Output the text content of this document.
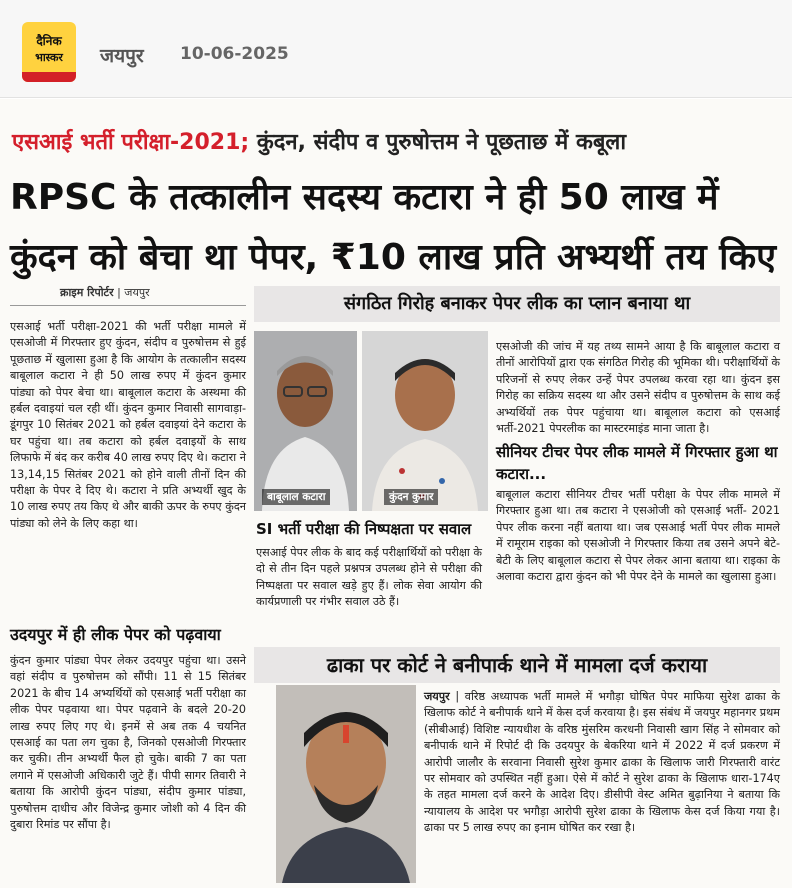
दैनिक
भास्कर	जयपुर 10-06-2025
एसआई भर्ती परीक्षा-2021; कुंदन, संदीप व पुरुषोत्तम ने पूछताछ में कबूला
RPSC के तत्कालीन सदस्य कटारा ने ही 50 लाख में
कुंदन को बेचा था पेपर, ₹10 लाख प्रति अभ्यर्थी तय किए
क्राइम रिपोर्टर | जयपुर
एसआई भर्ती परीक्षा-2021 की भर्ती परीक्षा मामले में एसओजी में गिरफ्तार हुए कुंदन, संदीप व पुरुषोत्तम से हुई पूछताछ में खुलासा हुआ है कि आयोग के तत्कालीन सदस्य बाबूलाल कटारा ने ही 50 लाख रुपए में कुंदन कुमार पांड्या को पेपर बेचा था। बाबूलाल कटारा के अस्थमा की हर्बल दवाइयां चल रही थीं। कुंदन कुमार निवासी सागवाड़ा-डूंगपुर 10 सितंबर 2021 को हर्बल दवाइयां देने कटारा के घर पहुंचा था। तब कटारा को हर्बल दवाइयों के साथ लिफाफे में बंद कर करीब 40 लाख रुपए दिए थे। कटारा ने 13,14,15 सितंबर 2021 को होने वाली तीनों दिन की परीक्षा के पेपर दे दिए थे। कटारा ने प्रति अभ्यर्थी खुद के 10 लाख रुपए तय किए थे और बाकी ऊपर के रुपए कुंदन पांड्या को लेने के लिए कहा था।
उदयपुर में ही लीक पेपर को पढ़वाया
कुंदन कुमार पांड्या पेपर लेकर उदयपुर पहुंचा था। उसने वहां संदीप व पुरुषोत्तम को सौंपी। 11 से 15 सितंबर 2021 के बीच 14 अभ्यर्थियों को एसआई भर्ती परीक्षा का लीक पेपर पढ़वाया था। पेपर पढ़वाने के बदले 20-20 लाख रुपए लिए गए थे। इनमें से अब तक 4 चयनित एसआई का पता लग चुका है, जिनको एसओजी गिरफ्तार कर चुकी। तीन अभ्यर्थी फैल हो चुके। बाकी 7 का पता लगाने में एसओजी अधिकारी जुटे हैं। पीपी सागर तिवारी ने बताया कि आरोपी कुंदन पांड्या, संदीप कुमार पांड्या, पुरुषोत्तम दाधीच और विजेन्द्र कुमार जोशी को 4 दिन की दुबारा रिमांड पर सौंपा है।
संगठित गिरोह बनाकर पेपर लीक का प्लान बनाया था
बाबूलाल कटारा	कुंदन कुमार
SI भर्ती परीक्षा की निष्पक्षता पर सवाल
एसआई पेपर लीक के बाद कई परीक्षार्थियों को परीक्षा के दो से तीन दिन पहले प्रश्नपत्र उपलब्ध होने से परीक्षा की निष्पक्षता पर सवाल खड़े हुए हैं। लोक सेवा आयोग की कार्यप्रणाली पर गंभीर सवाल उठे हैं।
एसओजी की जांच में यह तथ्य सामने आया है कि बाबूलाल कटारा व तीनों आरोपियों द्वारा एक संगठित गिरोह की भूमिका थी। परीक्षार्थियों के परिजनों से रुपए लेकर उन्हें पेपर उपलब्ध करवा रहा था। कुंदन इस गिरोह का सक्रिय सदस्य था और उसने संदीप व पुरुषोत्तम के साथ कई अभ्यर्थियों तक पेपर पहुंचाया था। बाबूलाल कटारा को एसआई भर्ती-2021 पेपरलीक का मास्टरमाइंड माना जाता है।
सीनियर टीचर पेपर लीक मामले में गिरफ्तार हुआ था कटारा...
बाबूलाल कटारा सीनियर टीचर भर्ती परीक्षा के पेपर लीक मामले में गिरफ्तार हुआ था। तब कटारा ने एसओजी को एसआई भर्ती- 2021 पेपर लीक करना नहीं बताया था। जब एसआई भर्ती पेपर लीक मामले में रामूराम राइका को एसओजी ने गिरफ्तार किया तब उसने अपने बेटे-बेटी के लिए बाबूलाल कटारा से पेपर लेकर आना बताया था। राइका के अलावा कटारा द्वारा कुंदन को भी पेपर देने के मामले का खुलासा हुआ।
ढाका पर कोर्ट ने बनीपार्क थाने में मामला दर्ज कराया
जयपुर | वरिष्ठ अध्यापक भर्ती मामले में भगौड़ा घोषित पेपर माफिया सुरेश ढाका के खिलाफ कोर्ट ने बनीपार्क थाने में केस दर्ज करवाया है। इस संबंध में जयपुर महानगर प्रथम (सीबीआई) विशिष्ट न्यायधीश के वरिष्ठ मुंसरिम करधनी निवासी खाग सिंह ने सोमवार को बनीपार्क थाने में रिपोर्ट दी कि उदयपुर के बेकरिया थाने में 2022 में दर्ज प्रकरण में आरोपी जालौर के सरवाना निवासी सुरेश कुमार ढाका के खिलाफ जारी गिरफ्तारी वारंट पर सोमवार को उपस्थित नहीं हुआ। ऐसे में कोर्ट ने सुरेश ढाका के खिलाफ धारा-174ए के तहत मामला दर्ज करने के आदेश दिए। डीसीपी वेस्ट अमित बुढ़ानिया ने बताया कि न्यायालय के आदेश पर भगौड़ा आरोपी सुरेश ढाका के खिलाफ केस दर्ज किया गया है। ढाका पर 5 लाख रुपए का इनाम घोषित कर रखा है।
